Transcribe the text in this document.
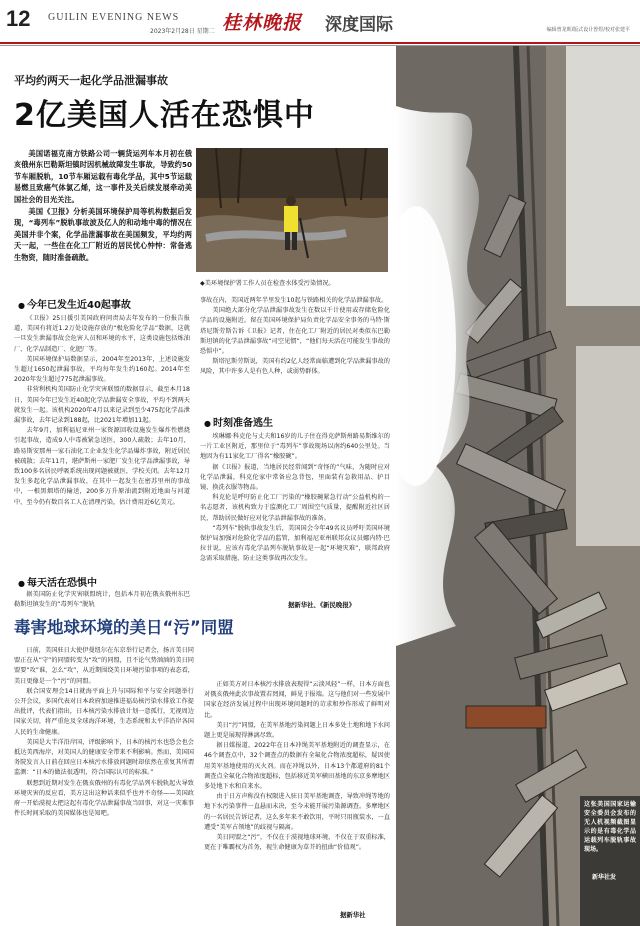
12 GUILIN EVENING NEWS
2023年2月28日 星期二 桂林晚报 深度国际	编辑曾龙晖/版式设计曾煜/校对张建平
这张美国国家运输安全委员会发布的无人机视频截图显示的是有毒化学品运载列车脱轨事故现场。
新华社发
平均约两天一起化学品泄漏事故
2亿美国人活在恐惧中

美国诺福克南方铁路公司一辆货运列车本月初在俄亥俄州东巴勒斯坦镇时因机械故障发生事故，导致约50节车厢脱轨，10节车厢运载有毒化学品，其中5节运载易燃且致癌气体氯乙烯，这一事件及关后续发展牵动美国社会的目光关注。

美国《卫报》分析美国环境保护局等机构数据后发现，“毒列车”脱轨事故波及亿人的和动地中毒的情况在美国并非个案，化学品泄漏事故在美国频发，平均约两天一起，一些住在化工厂附近的居民忧心忡忡：常备逃生物资，随时准备疏散。

◆美环境保护署工作人员在检查水体受污染情况。
● 今年已发生近40起事故

《卫报》25日援引美国政府问责局去年发布的一份报告报道，美国有将近1.2万处设施存放的“极危险化学品”数据，这就一旦发生泄漏事故会危害人员和环境的水平，这类设施包括炼油厂、化学品制造厂、化肥厂等。

美国环境保护局数据显示，2004年至2013年，上述设施发生超过1650起泄漏事故，平均每年发生约160起。2014年至2020年发生超过775起泄漏事故。

非营利机构美国防止化学灾害联盟的数据显示，截至本月18日，美国今年已发生近40起化学品泄漏安全事故，平均不到两天就发生一起。该机构2020年4月以来记录到至少475起化学品泄漏事故，去年记录到188起，比2021年增加11起。

去年9月，加利福尼亚州一家资源回收设施发生爆炸性燃烧引起事故，造成9人中毒被紧急送医，300人疏散；去年10月，路易斯安那州一家石油化工企业发生化学品爆炸事故，附近居民被疏散；去年11月，堪萨斯州一家肥厂发生化学品泄漏事故，导致100多名居民呼吸系统出现问题被就医，学校关闭。去年12月发生多起化学品泄漏事故，在其中一起发生在密苏里州的事故中，一根黑烟塔的输送，200多万升原油流到附近地面与河道中，至今仍有数百名工人在清理污染，估计费用近6亿美元。

● 每天活在恐惧中

据美国防止化学灾害联盟统计，包括本月初在俄亥俄州东巴勒斯坦镇发生的“毒列车”脱轨

事故在内，美国近两年半里发生10起与铁路相关的化学品泄漏事故。

美国绝大部分化学品泄漏事故发生在数以千计使用或存储危险化学品的设施附近。留在美国环境保护局负责化学品安全事务的马特·斯塔尼斯劳斯告诉《卫报》记者，住在化工厂附近的居民对类似东巴勒斯坦镇的化学品泄漏事故“司空见惯”，“他们每天活在可能发生事故的恐惧中”。

斯塔尼斯劳斯说，美国有约2亿人经常面临遭到化学品泄漏事故的风险，其中许多人是有色人种，或弱势群体。

● 时刻准备逃生

埃琳娜·科克伦与丈夫和16岁的儿子住在得克萨斯州路易斯维尔的一片工业区附近，那里位于“毒列车”事故现场以南约640公里处。当地因为有11家化工厂得名“橡胶碗”。

据《卫报》报道，当地居民经常闻到“奇怪的”气味，为随时应对化学品泄漏，科克伦家中常备应急背包，里面装有急救用品、护目镜、换洗衣服等物品。

科克伦是呼吁防止化工厂污染的“橡胶碗紧急行动”公益机构的一名志愿者，该机构致力于监测化工厂周围空气质量，提醒附近社区居民，帮助居民做好应对化学品泄漏事故的准备。

“毒列车”脱轨事故发生后，美国国会今年49名议员呼吁美国环境保护局加强对危险化学品的监管，加利福尼亚州联邦众议员娜内特·巴拉甘说，应该有毒化学品列车脱轨事故是一起“环境灾难”，联邦政府急需采取措施，防止这类事故再次发生。

据新华社、《新民晚报》
毒害地球环境的美日“污”同盟

日前，美国驻日大使伊曼纽尔在东京举行记者会，扬言美日同盟正在从“守”的同盟转变为“攻”的同盟，且不论气势汹汹的美日同盟要“攻”谁，怎么“攻”，从近期围绕美日环境污染事项的表态看，美日更像是一个“污”的同盟。

联合国安理会14日就海平面上升与国际和平与安全问题举行公开会议，多国代表对日本政府加速推进福岛核污染水排放工作提出批评，代表们指出，日本核污染水排放计划一意孤行，无视周边国家关切，将严重危及全球海洋环境，生态系统和太平洋沿岸各国人民的生命健康。

美国是大半洋沿岸国，评级影响下，日本的核污水也恐会也会抵达美西海岸，对美国人的健康安全带来不利影响。然而，美国国务院发言人日前在回应日本核污水排放问题时却依然在重复其所谓监测：“日本的做法很透明，符合国际认可的标准。”

联想到近期对发生在俄亥俄州的有毒化学品列车脱轨起火导致环境灾害的反应看，美方这出这种话来似乎也并不奇怪——美国政府一开始漠视太把这起有毒化学品泄漏事故当回事，对这一灾难事件长时间采取的美国媒体也是知吧。

正如美方对日本核污水排放表现得“云淡风轻”一样，日本方面也对俄亥俄州此次事故置若罔闻，鲜见于报端。这与他们对一些发展中国家在经济发展过程中出现环境问题时的苛求和炒作形成了鲜明对比。

美日“污”同盟，在美军基地污染问题上日本多处土地和地下水问题上更是展现得淋漓尽致。

据日媒报道，2022年在日本冲绳美军基地附近的调查显示，在46个调查点中，32个调查点的数据有全氟化合物浓度超标，疑因使用美军基地使用的灭火剂。而在冲绳以外，日本13个都道府的81个调查点全氟化合物浓度超标，包括移近美军横田基地的东京多摩地区多处地下水和自来水。

由于日方声称没有权限进入驻日美军基地调查，导致冲绳等地的地下水污染事件一直悬而未决，至今未能开展污染源调查。多摩地区的一名居民告诉记者，这么多年来不敢饮用，平时只用瓶装水，一直遭受“美军占领地”的歧视与隔离。

美日同盟之“污”，不仅在于漠视地球环境，不仅在于双重标准，更在于唯霸权为首务，视生命健康为草芥的扭曲“价值观”。

据新华社
